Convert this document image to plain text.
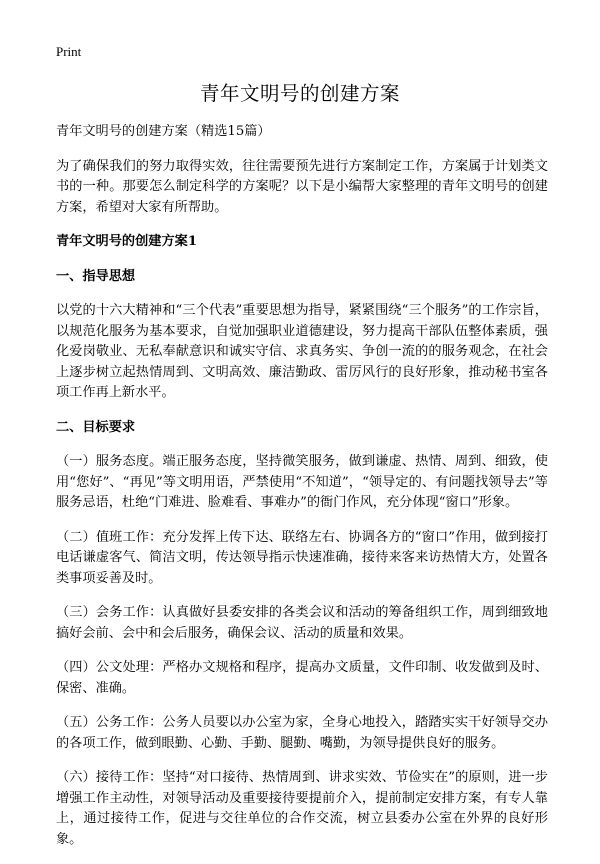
Print
青年文明号的创建方案

青年文明号的创建方案（精选15篇）

为了确保我们的努力取得实效，往往需要预先进行方案制定工作，方案属于计划类文书的一种。那要怎么制定科学的方案呢？以下是小编帮大家整理的青年文明号的创建方案，希望对大家有所帮助。

青年文明号的创建方案1

一、指导思想

以党的十六大精神和“三个代表”重要思想为指导，紧紧围绕“三个服务”的工作宗旨，以规范化服务为基本要求，自觉加强职业道德建设，努力提高干部队伍整体素质，强化爱岗敬业、无私奉献意识和诚实守信、求真务实、争创一流的的服务观念，在社会上逐步树立起热情周到、文明高效、廉洁勤政、雷厉风行的良好形象，推动秘书室各项工作再上新水平。

二、目标要求

（一）服务态度。端正服务态度，坚持微笑服务，做到谦虚、热情、周到、细致，使用“您好”、“再见”等文明用语，严禁使用“不知道”，“领导定的、有问题找领导去”等服务忌语，杜绝“门难进、脸难看、事难办”的衙门作风，充分体现“窗口”形象。

（二）值班工作：充分发挥上传下达、联络左右、协调各方的“窗口”作用，做到接打电话谦虚客气、简洁文明，传达领导指示快速准确，接待来客来访热情大方，处置各类事项妥善及时。

（三）会务工作：认真做好县委安排的各类会议和活动的筹备组织工作，周到细致地搞好会前、会中和会后服务，确保会议、活动的质量和效果。

（四）公文处理：严格办文规格和程序，提高办文质量，文件印制、收发做到及时、保密、准确。

（五）公务工作：公务人员要以办公室为家，全身心地投入，踏踏实实干好领导交办的各项工作，做到眼勤、心勤、手勤、腿勤、嘴勤，为领导提供良好的服务。

（六）接待工作：坚持“对口接待、热情周到、讲求实效、节俭实在”的原则，进一步增强工作主动性，对领导活动及重要接待要提前介入，提前制定安排方案，有专人靠上，通过接待工作，促进与交往单位的合作交流，树立县委办公室在外界的良好形象。
